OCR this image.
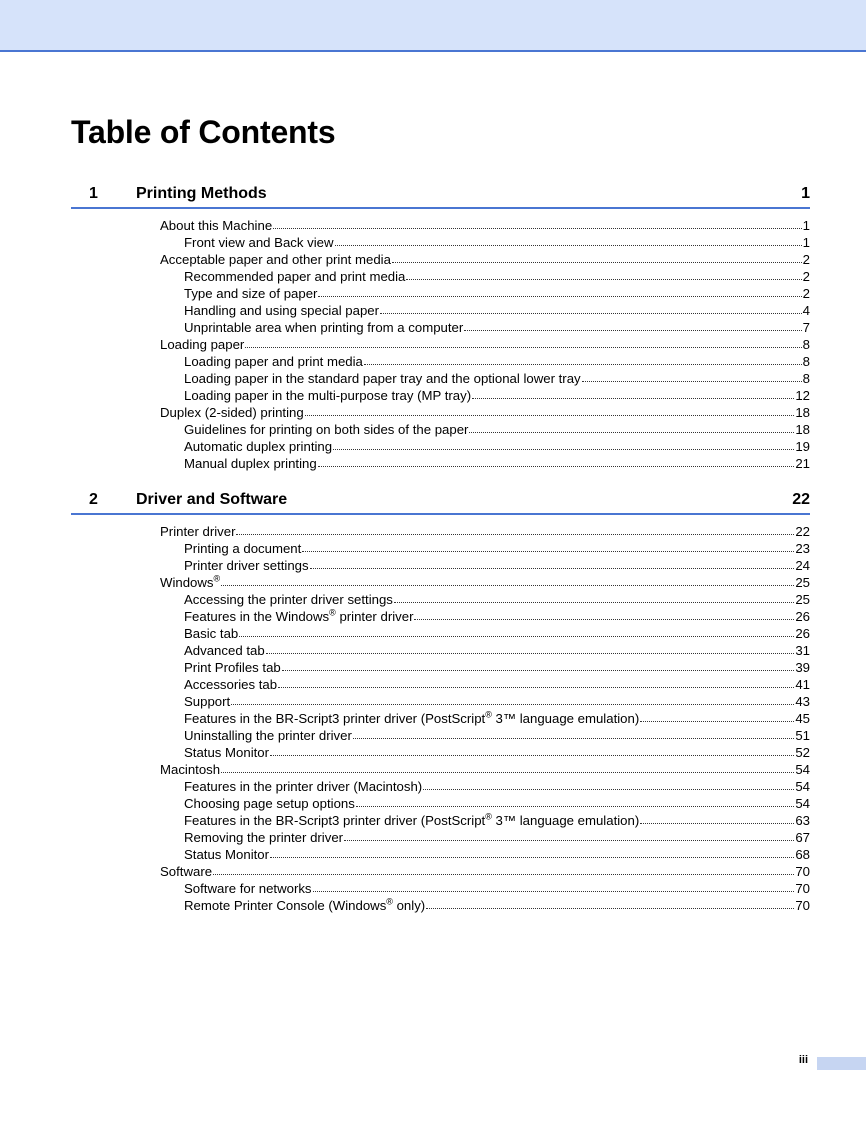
Table of Contents
1 Printing Methods	1
About this Machine	1
Front view and Back view	1
Acceptable paper and other print media	2
Recommended paper and print media	2
Type and size of paper	2
Handling and using special paper	4
Unprintable area when printing from a computer	7
Loading paper	8
Loading paper and print media	8
Loading paper in the standard paper tray and the optional lower tray	8
Loading paper in the multi-purpose tray (MP tray)	12
Duplex (2-sided) printing	18
Guidelines for printing on both sides of the paper	18
Automatic duplex printing	19
Manual duplex printing	21
2 Driver and Software	22
Printer driver	22
Printing a document	23
Printer driver settings	24
Windows®	25
Accessing the printer driver settings	25
Features in the Windows® printer driver	26
Basic tab	26
Advanced tab	31
Print Profiles tab	39
Accessories tab	41
Support	43
Features in the BR-Script3 printer driver (PostScript® 3™ language emulation)	45
Uninstalling the printer driver	51
Status Monitor	52
Macintosh	54
Features in the printer driver (Macintosh)	54
Choosing page setup options	54
Features in the BR-Script3 printer driver (PostScript® 3™ language emulation)	63
Removing the printer driver	67
Status Monitor	68
Software	70
Software for networks	70
Remote Printer Console (Windows® only)	70
iii
